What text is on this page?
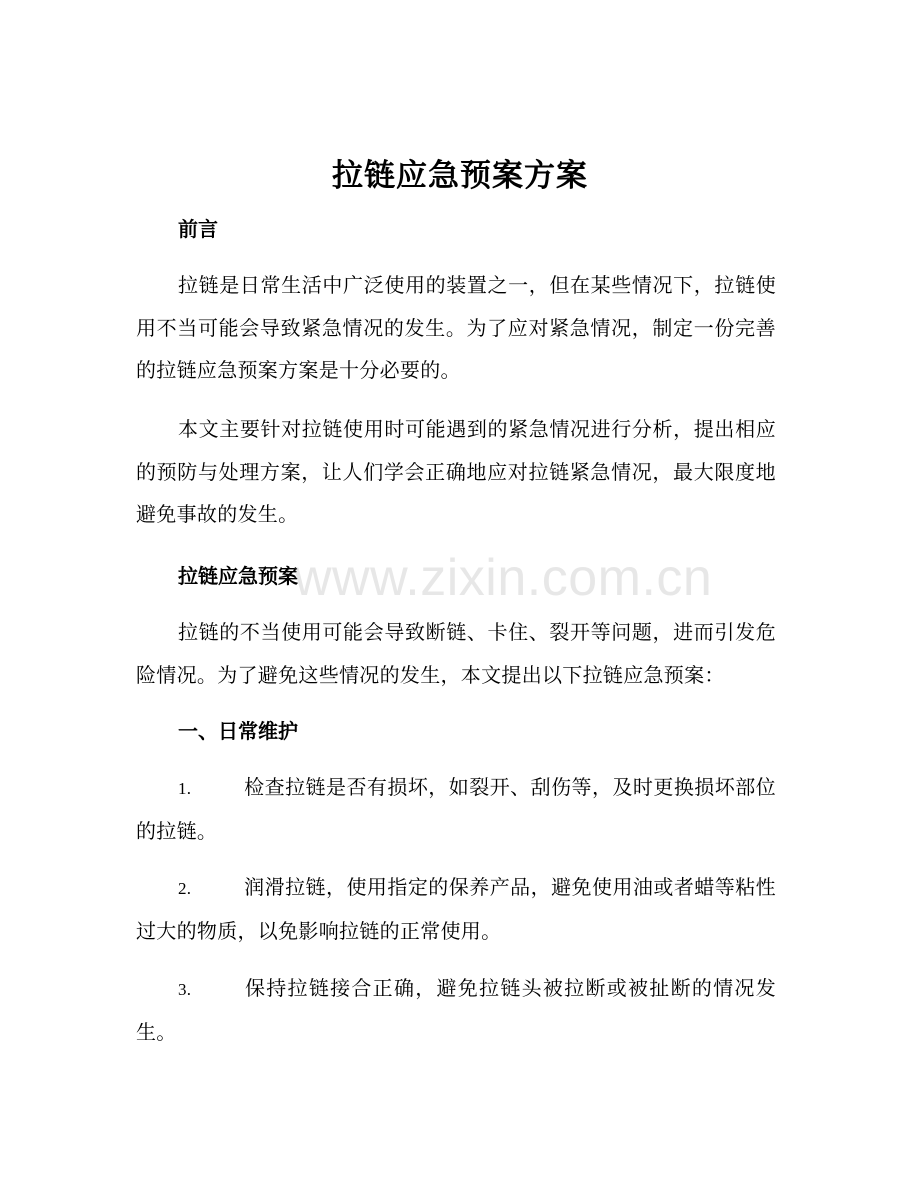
拉链应急预案方案
前言

拉链是日常生活中广泛使用的装置之一，但在某些情况下，拉链使用不当可能会导致紧急情况的发生。为了应对紧急情况，制定一份完善的拉链应急预案方案是十分必要的。

本文主要针对拉链使用时可能遇到的紧急情况进行分析，提出相应的预防与处理方案，让人们学会正确地应对拉链紧急情况，最大限度地避免事故的发生。

拉链应急预案

拉链的不当使用可能会导致断链、卡住、裂开等问题，进而引发危险情况。为了避免这些情况的发生，本文提出以下拉链应急预案：

一、日常维护

1.	检查拉链是否有损坏，如裂开、刮伤等，及时更换损坏部位的拉链。

2.	润滑拉链，使用指定的保养产品，避免使用油或者蜡等粘性过大的物质，以免影响拉链的正常使用。

3.	保持拉链接合正确，避免拉链头被拉断或被扯断的情况发生。

www.zixin.com.cn
